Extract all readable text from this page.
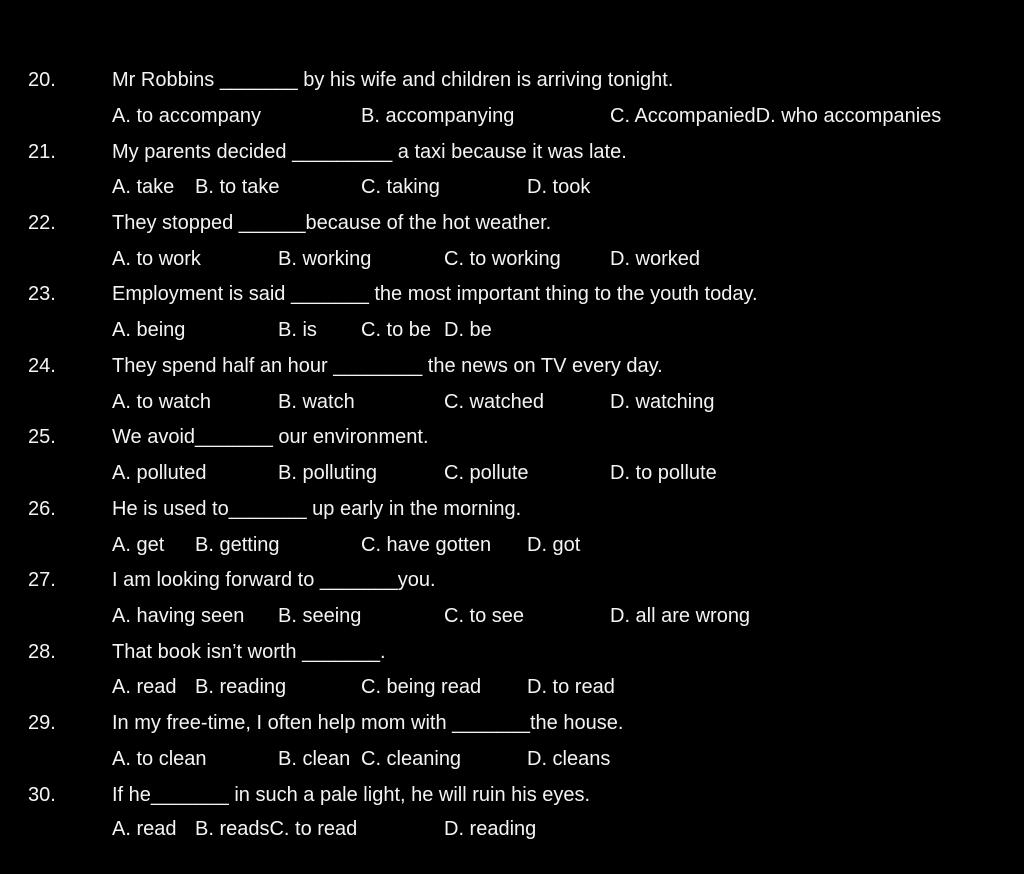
20.	Mr Robbins _______ by his wife and children is arriving tonight.
A. to accompany	B. accompanying	C. AccompaniedD. who accompanies
21.	My parents decided _________ a taxi because it was late.
A. take B. to take	C. taking	D. took
22.	They stopped ______because of the hot weather.
A. to work	B. working	C. to working D. worked
23.	Employment is said _______ the most important thing to the youth today.
A. being	B. is C. to be D. be
24.	They spend half an hour ________ the news on TV every day.
A. to watch	B. watch	C. watched	D. watching
25.	We avoid_______ our environment.
A. polluted	B. polluting	C. pollute	D. to pollute
26.	He is used to_______ up early in the morning.
A. get B. getting	C. have gotten D. got
27.	I am looking forward to _______you.
A. having seen B. seeing	C. to see	D. all are wrong
28.	That book isn’t worth _______.
A. read B. reading	C. being read D. to read
29.	In my free-time, I often help mom with _______the house.
A. to clean	B. clean C. cleaning	D. cleans
30.	If he_______ in such a pale light, he will ruin his eyes.
A. read B. readsC. to read	D. reading
